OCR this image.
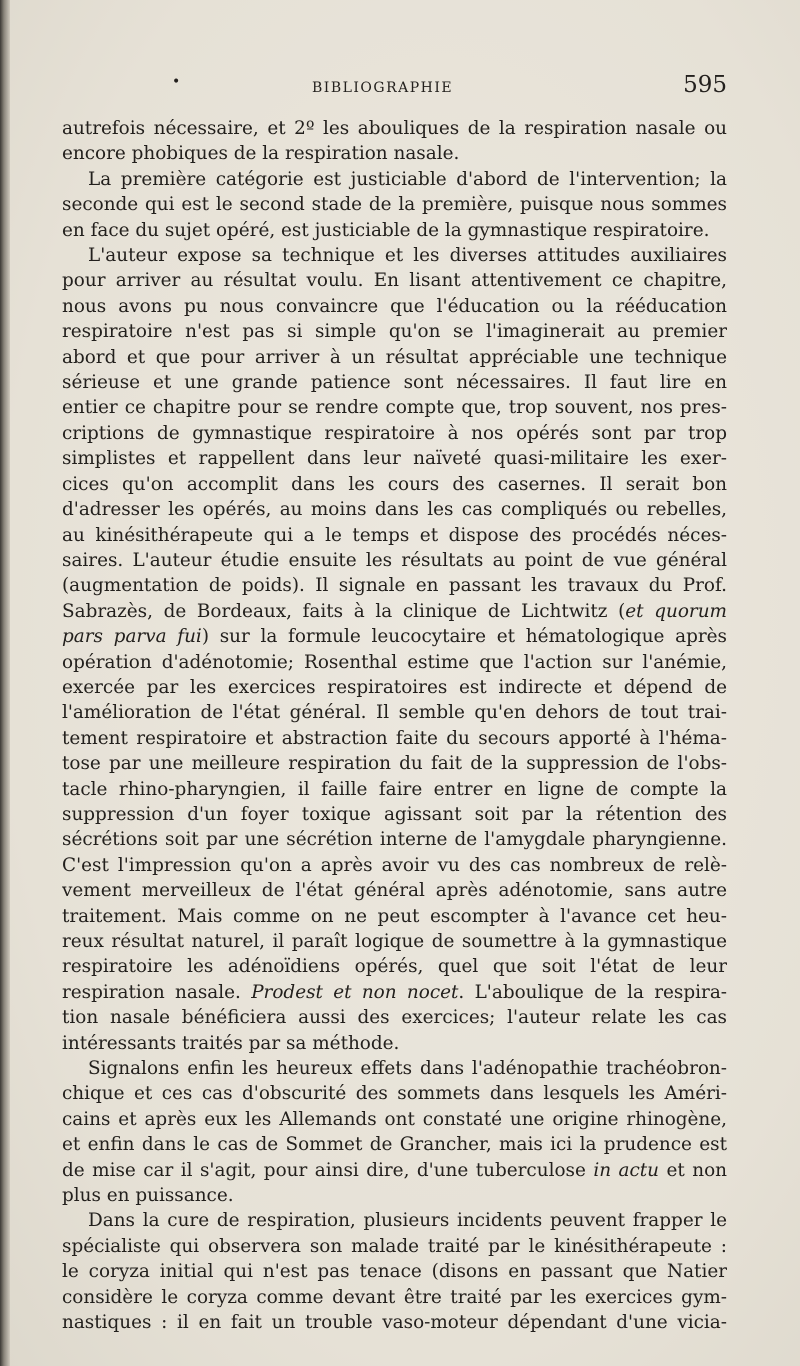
•	BIBLIOGRAPHIE	595
autrefois nécessaire, et 2º les abouliques de la respiration nasale ou
encore phobiques de la respiration nasale.
La première catégorie est justiciable d'abord de l'intervention; la
seconde qui est le second stade de la première, puisque nous sommes
en face du sujet opéré, est justiciable de la gymnastique respiratoire.
L'auteur expose sa technique et les diverses attitudes auxiliaires
pour arriver au résultat voulu. En lisant attentivement ce chapitre,
nous avons pu nous convaincre que l'éducation ou la rééducation
respiratoire n'est pas si simple qu'on se l'imaginerait au premier
abord et que pour arriver à un résultat appréciable une technique
sérieuse et une grande patience sont nécessaires. Il faut lire en
entier ce chapitre pour se rendre compte que, trop souvent, nos pres-
criptions de gymnastique respiratoire à nos opérés sont par trop
simplistes et rappellent dans leur naïveté quasi-militaire les exer-
cices qu'on accomplit dans les cours des casernes. Il serait bon
d'adresser les opérés, au moins dans les cas compliqués ou rebelles,
au kinésithérapeute qui a le temps et dispose des procédés néces-
saires. L'auteur étudie ensuite les résultats au point de vue général
(augmentation de poids). Il signale en passant les travaux du Prof.
Sabrazès, de Bordeaux, faits à la clinique de Lichtwitz (et quorum
pars parva fui) sur la formule leucocytaire et hématologique après
opération d'adénotomie; Rosenthal estime que l'action sur l'anémie,
exercée par les exercices respiratoires est indirecte et dépend de
l'amélioration de l'état général. Il semble qu'en dehors de tout trai-
tement respiratoire et abstraction faite du secours apporté à l'héma-
tose par une meilleure respiration du fait de la suppression de l'obs-
tacle rhino-pharyngien, il faille faire entrer en ligne de compte la
suppression d'un foyer toxique agissant soit par la rétention des
sécrétions soit par une sécrétion interne de l'amygdale pharyngienne.
C'est l'impression qu'on a après avoir vu des cas nombreux de relè-
vement merveilleux de l'état général après adénotomie, sans autre
traitement. Mais comme on ne peut escompter à l'avance cet heu-
reux résultat naturel, il paraît logique de soumettre à la gymnastique
respiratoire les adénoïdiens opérés, quel que soit l'état de leur
respiration nasale. Prodest et non nocet. L'aboulique de la respira-
tion nasale bénéficiera aussi des exercices; l'auteur relate les cas
intéressants traités par sa méthode.
Signalons enfin les heureux effets dans l'adénopathie trachéobron-
chique et ces cas d'obscurité des sommets dans lesquels les Améri-
cains et après eux les Allemands ont constaté une origine rhinogène,
et enfin dans le cas de Sommet de Grancher, mais ici la prudence est
de mise car il s'agit, pour ainsi dire, d'une tuberculose in actu et non
plus en puissance.
Dans la cure de respiration, plusieurs incidents peuvent frapper le
spécialiste qui observera son malade traité par le kinésithérapeute :
le coryza initial qui n'est pas tenace (disons en passant que Natier
considère le coryza comme devant être traité par les exercices gym-
nastiques : il en fait un trouble vaso-moteur dépendant d'une vicia-
